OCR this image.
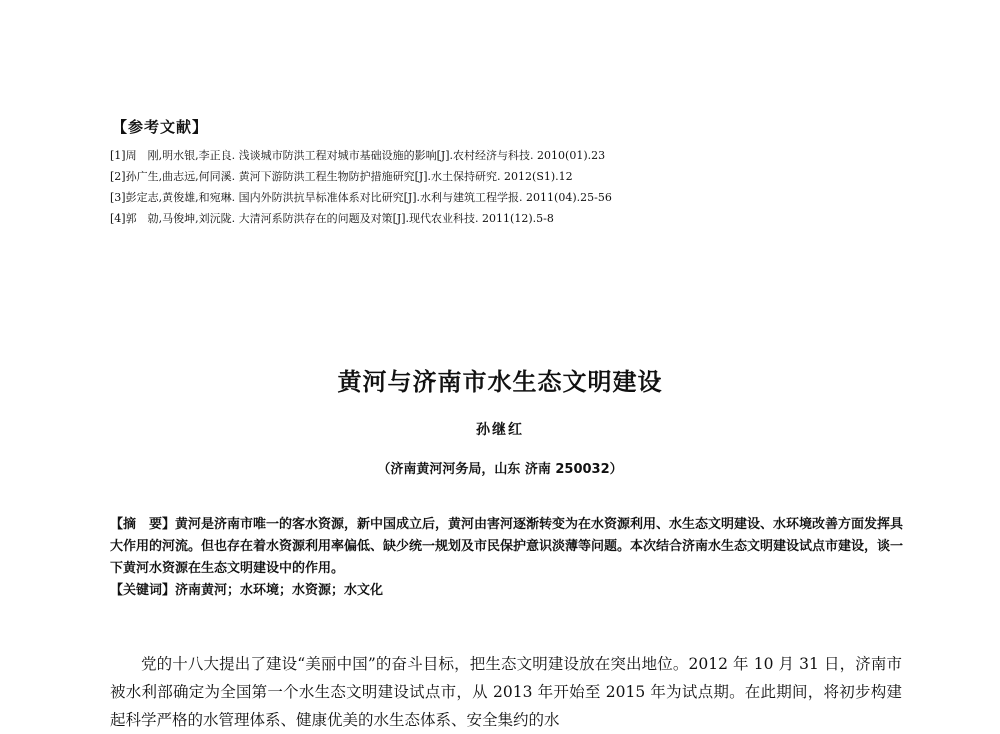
【参考文献】
[1]周　刚,明水银,李正良. 浅谈城市防洪工程对城市基础设施的影响[J].农村经济与科技. 2010(01).23
[2]孙广生,曲志远,何同溪. 黄河下游防洪工程生物防护措施研究[J].水土保持研究. 2012(S1).12
[3]彭定志,黄俊雄,和宛琳. 国内外防洪抗旱标准体系对比研究[J].水利与建筑工程学报. 2011(04).25-56
[4]郭　勍,马俊坤,刘沅陇. 大清河系防洪存在的问题及对策[J].现代农业科技. 2011(12).5-8
黄河与济南市水生态文明建设
孙继红
（济南黄河河务局，山东 济南 250032）

【摘　要】黄河是济南市唯一的客水资源，新中国成立后，黄河由害河逐渐转变为在水资源利用、水生态文明建设、水环境改善方面发挥具大作用的河流。但也存在着水资源利用率偏低、缺少统一规划及市民保护意识淡薄等问题。本次结合济南水生态文明建设试点市建设，谈一下黄河水资源在生态文明建设中的作用。

【关键词】济南黄河；水环境；水资源；水文化

党的十八大提出了建设“美丽中国”的奋斗目标，把生态文明建设放在突出地位。2012 年 10 月 31 日，济南市被水利部确定为全国第一个水生态文明建设试点市，从 2013 年开始至 2015 年为试点期。在此期间，将初步构建起科学严格的水管理体系、健康优美的水生态体系、安全集约的水
